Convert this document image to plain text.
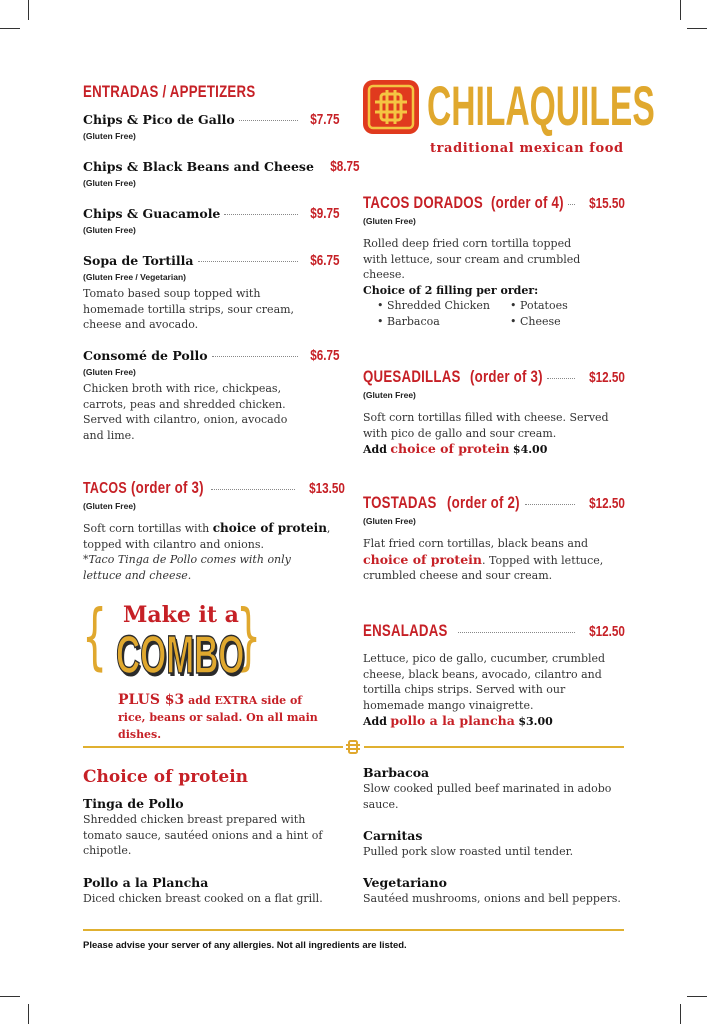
CHILAQUILES
traditional mexican food
ENTRADAS / APPETIZERS
Chips & Pico de Gallo	$7.75
(Gluten Free)
Chips & Black Beans and Cheese $8.75
(Gluten Free)
Chips & Guacamole	$9.75
(Gluten Free)
Sopa de Tortilla	$6.75
(Gluten Free / Vegetarian)
Tomato based soup topped with homemade tortilla strips, sour cream, cheese and avocado.
Consomé de Pollo	$6.75
(Gluten Free)
Chicken broth with rice, chickpeas, carrots, peas and shredded chicken. Served with cilantro, onion, avocado and lime.
TACOS (order of 3)	$13.50
(Gluten Free)
Soft corn tortillas with choice of protein, topped with cilantro and onions.
*Taco Tinga de Pollo comes with only lettuce and cheese.
{ }
Make it a
COMBO
PLUS $3 add EXTRA side of rice, beans or salad. On all main dishes.
TACOS DORADOS (order of 4) $15.50
(Gluten Free)
Rolled deep fried corn tortilla topped with lettuce, sour cream and crumbled cheese.
Choice of 2 filling per order:
• Shredded Chicken	• Potatoes
• Barbacoa	• Cheese
QUESADILLAS (order of 3)	$12.50
(Gluten Free)
Soft corn tortillas filled with cheese. Served with pico de gallo and sour cream.
Add choice of protein $4.00
TOSTADAS (order of 2)	$12.50
(Gluten Free)
Flat fried corn tortillas, black beans and choice of protein. Topped with lettuce, crumbled cheese and sour cream.
ENSALADAS	$12.50
Lettuce, pico de gallo, cucumber, crumbled cheese, black beans, avocado, cilantro and tortilla chips strips. Served with our homemade mango vinaigrette.
Add pollo a la plancha $3.00
Choice of protein
Tinga de Pollo
Shredded chicken breast prepared with tomato sauce, sautéed onions and a hint of chipotle.
Pollo a la Plancha
Diced chicken breast cooked on a flat grill.
Barbacoa
Slow cooked pulled beef marinated in adobo sauce.
Carnitas
Pulled pork slow roasted until tender.
Vegetariano
Sautéed mushrooms, onions and bell peppers.
Please advise your server of any allergies. Not all ingredients are listed.
